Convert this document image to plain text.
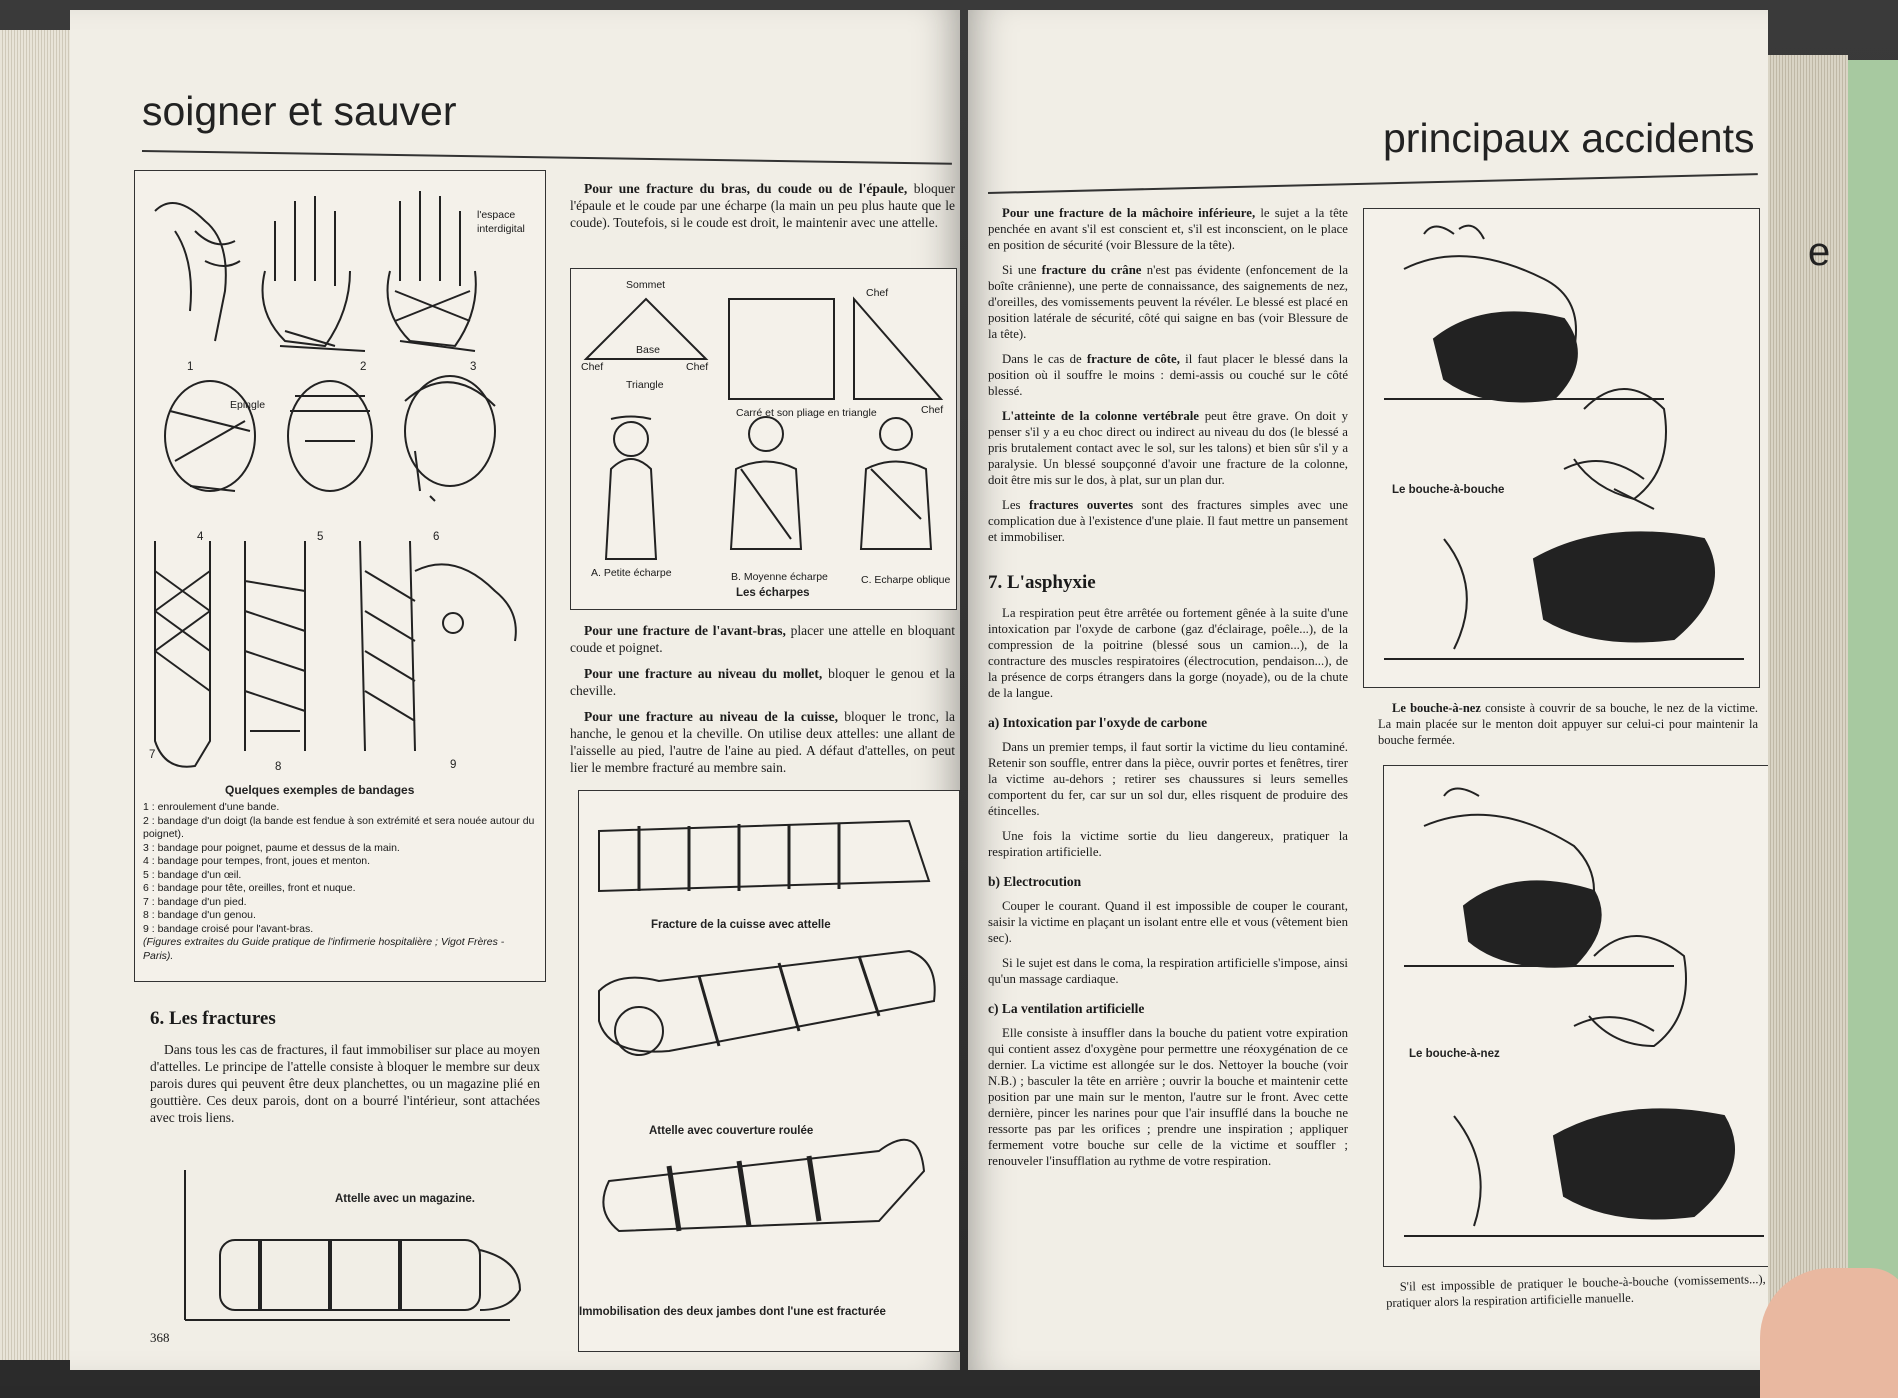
e
soigner et sauver
1	2	3
4	5	6
7
8	9
l'espace interdigital
Epingle
Quelques exemples de bandages
1 : enroulement d'une bande.
2 : bandage d'un doigt (la bande est fendue à son extrémité et sera nouée autour du poignet).
3 : bandage pour poignet, paume et dessus de la main.
4 : bandage pour tempes, front, joues et menton.
5 : bandage d'un œil.
6 : bandage pour tête, oreilles, front et nuque.
7 : bandage d'un pied.
8 : bandage d'un genou.
9 : bandage croisé pour l'avant-bras.
(Figures extraites du Guide pratique de l'infirmerie hospitalière ; Vigot Frères - Paris).
6. Les fractures

Dans tous les cas de fractures, il faut immobiliser sur place au moyen d'attelles. Le principe de l'attelle consiste à bloquer le membre sur deux parois dures qui peuvent être deux planchettes, ou un magazine plié en gouttière. Ces deux parois, dont on a bourré l'intérieur, sont attachées avec trois liens.

Attelle avec un magazine.
368

Pour une fracture du bras, du coude ou de l'épaule, bloquer l'épaule et le coude par une écharpe (la main un peu plus haute que le coude). Toutefois, si le coude est droit, le maintenir avec une attelle.

Sommet
Base
Chef	Chef
Chef
Chef
Triangle
Carré et son pliage en triangle
A. Petite écharpe	B. Moyenne écharpe	C. Echarpe oblique
Les écharpes

Pour une fracture de l'avant-bras, placer une attelle en bloquant coude et poignet.

Pour une fracture au niveau du mollet, bloquer le genou et la cheville.

Pour une fracture au niveau de la cuisse, bloquer le tronc, la hanche, le genou et la cheville. On utilise deux attelles: une allant de l'aisselle au pied, l'autre de l'aine au pied. A défaut d'attelles, on peut lier le membre fracturé au membre sain.

Fracture de la cuisse avec attelle
Attelle avec couverture roulée
Immobilisation des deux jambes dont l'une est fracturée
principaux accidents

Pour une fracture de la mâchoire inférieure, le sujet a la tête penchée en avant s'il est conscient et, s'il est inconscient, on le place en position de sécurité (voir Blessure de la tête).

Si une fracture du crâne n'est pas évidente (enfoncement de la boîte crânienne), une perte de connaissance, des saignements de nez, d'oreilles, des vomissements peuvent la révéler. Le blessé est placé en position latérale de sécurité, côté qui saigne en bas (voir Blessure de la tête).

Dans le cas de fracture de côte, il faut placer le blessé dans la position où il souffre le moins : demi-assis ou couché sur le côté blessé.

L'atteinte de la colonne vertébrale peut être grave. On doit y penser s'il y a eu choc direct ou indirect au niveau du dos (le blessé a pris brutalement contact avec le sol, sur les talons) et bien sûr s'il y a paralysie. Un blessé soupçonné d'avoir une fracture de la colonne, doit être mis sur le dos, à plat, sur un plan dur.

Les fractures ouvertes sont des fractures simples avec une complication due à l'existence d'une plaie. Il faut mettre un pansement et immobiliser.

7. L'asphyxie

La respiration peut être arrêtée ou fortement gênée à la suite d'une intoxication par l'oxyde de carbone (gaz d'éclairage, poêle...), de la compression de la poitrine (blessé sous un camion...), de la contracture des muscles respiratoires (électrocution, pendaison...), de la présence de corps étrangers dans la gorge (noyade), ou de la chute de la langue.

a) Intoxication par l'oxyde de carbone

Dans un premier temps, il faut sortir la victime du lieu contaminé. Retenir son souffle, entrer dans la pièce, ouvrir portes et fenêtres, tirer la victime au-dehors ; retirer ses chaussures si leurs semelles comportent du fer, car sur un sol dur, elles risquent de produire des étincelles.

Une fois la victime sortie du lieu dangereux, pratiquer la respiration artificielle.

b) Electrocution

Couper le courant. Quand il est impossible de couper le courant, saisir la victime en plaçant un isolant entre elle et vous (vêtement bien sec).

Si le sujet est dans le coma, la respiration artificielle s'impose, ainsi qu'un massage cardiaque.

c) La ventilation artificielle

Elle consiste à insuffler dans la bouche du patient votre expiration qui contient assez d'oxygène pour permettre une réoxygénation de ce dernier. La victime est allongée sur le dos. Nettoyer la bouche (voir N.B.) ; basculer la tête en arrière ; ouvrir la bouche et maintenir cette position par une main sur le menton, l'autre sur le front. Avec cette dernière, pincer les narines pour que l'air insufflé dans la bouche ne ressorte pas par les orifices ; prendre une inspiration ; appliquer fermement votre bouche sur celle de la victime et souffler ; renouveler l'insufflation au rythme de votre respiration.

Le bouche-à-bouche

Le bouche-à-nez consiste à couvrir de sa bouche, le nez de la victime. La main placée sur le menton doit appuyer sur celui-ci pour maintenir la bouche fermée.

Le bouche-à-nez

S'il est impossible de pratiquer le bouche-à-bouche (vomissements...), pratiquer alors la respiration artificielle manuelle.
